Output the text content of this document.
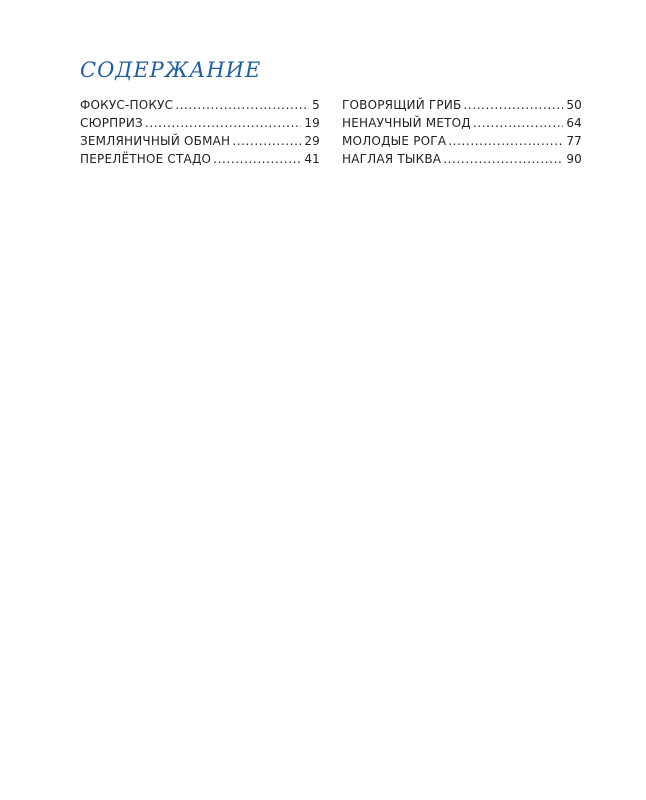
СОДЕРЖАНИЕ
ФОКУС-ПОКУС .....	5
СЮРПРИЗ .....	19
ЗЕМЛЯНИЧНЫЙ ОБМАН .....	29
ПЕРЕЛЁТНОЕ СТАДО .....	41
ГОВОРЯЩИЙ ГРИБ .....	50
НЕНАУЧНЫЙ МЕТОД .....	64
МОЛОДЫЕ РОГА .....	77
НАГЛАЯ ТЫКВА .....	90
